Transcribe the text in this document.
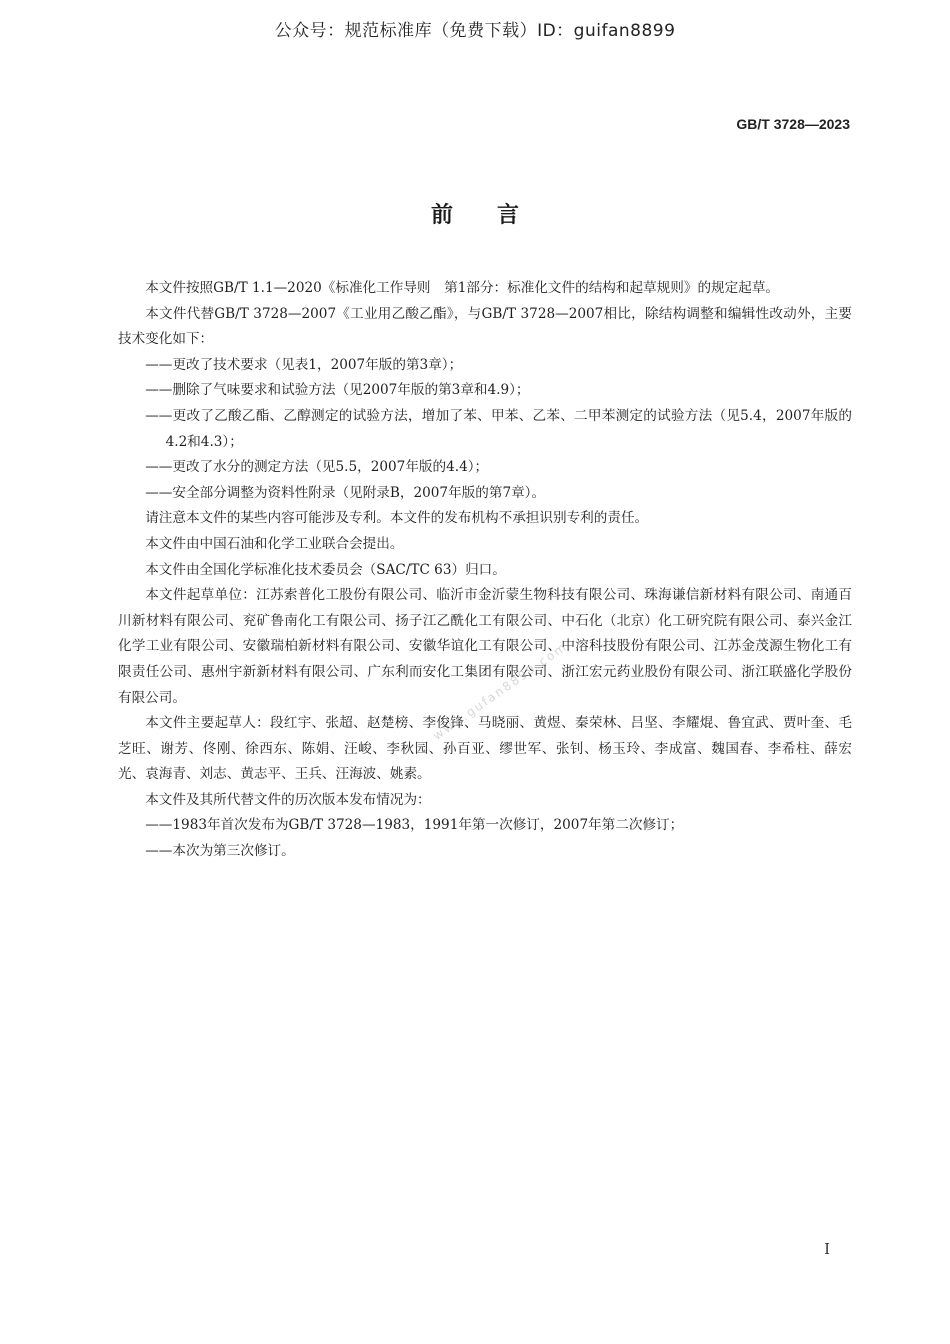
公众号：规范标准库（免费下载）ID：guifan8899
GB/T 3728—2023
前言

本文件按照GB/T 1.1—2020《标准化工作导则　第1部分：标准化文件的结构和起草规则》的规定起草。

本文件代替GB/T 3728—2007《工业用乙酸乙酯》，与GB/T 3728—2007相比，除结构调整和编辑性改动外，主要技术变化如下：

——更改了技术要求（见表1，2007年版的第3章）；

——删除了气味要求和试验方法（见2007年版的第3章和4.9）；

——更改了乙酸乙酯、乙醇测定的试验方法，增加了苯、甲苯、乙苯、二甲苯测定的试验方法（见5.4，2007年版的4.2和4.3）；

——更改了水分的测定方法（见5.5，2007年版的4.4）；

——安全部分调整为资料性附录（见附录B，2007年版的第7章）。

请注意本文件的某些内容可能涉及专利。本文件的发布机构不承担识别专利的责任。

本文件由中国石油和化学工业联合会提出。

本文件由全国化学标准化技术委员会（SAC/TC 63）归口。

本文件起草单位：江苏索普化工股份有限公司、临沂市金沂蒙生物科技有限公司、珠海谦信新材料有限公司、南通百川新材料有限公司、兖矿鲁南化工有限公司、扬子江乙酰化工有限公司、中石化（北京）化工研究院有限公司、泰兴金江化学工业有限公司、安徽瑞柏新材料有限公司、安徽华谊化工有限公司、中溶科技股份有限公司、江苏金茂源生物化工有限责任公司、惠州宇新新材料有限公司、广东利而安化工集团有限公司、浙江宏元药业股份有限公司、浙江联盛化学股份有限公司。

本文件主要起草人：段红宇、张超、赵楚榜、李俊锋、马晓丽、黄煜、秦荣林、吕坚、李耀焜、鲁宜武、贾叶奎、毛芝旺、谢芳、佟刚、徐西东、陈娟、汪峻、李秋园、孙百亚、缪世军、张钊、杨玉玲、李成富、魏国春、李希柱、薛宏光、袁海青、刘志、黄志平、王兵、汪海波、姚素。

本文件及其所代替文件的历次版本发布情况为：

——1983年首次发布为GB/T 3728—1983，1991年第一次修订，2007年第二次修订；

——本次为第三次修订。

www.gufan8899.com
I
